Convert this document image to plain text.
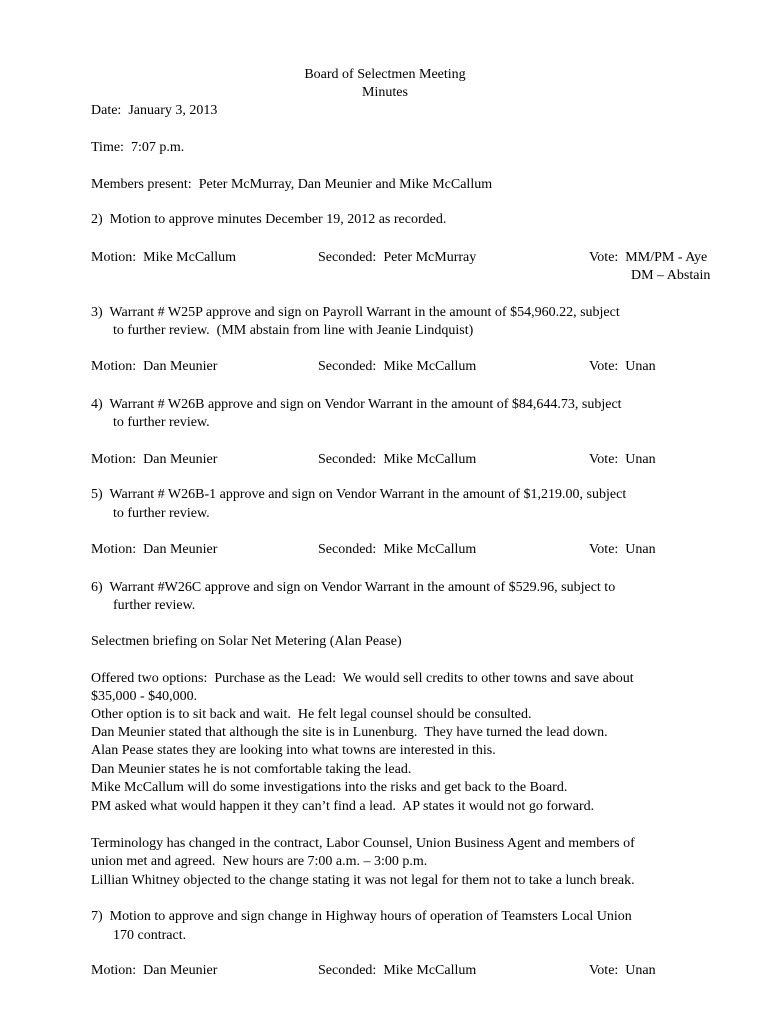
Board of Selectmen Meeting
Minutes
Date:  January 3, 2013
Time:  7:07 p.m.
Members present:  Peter McMurray, Dan Meunier and Mike McCallum
2)  Motion to approve minutes December 19, 2012 as recorded.
Motion:  Mike McCallum	Seconded:  Peter McMurray	Vote:  MM/PM - Aye
DM – Abstain
3)  Warrant # W25P approve and sign on Payroll Warrant in the amount of $54,960.22, subject
to further review.  (MM abstain from line with Jeanie Lindquist)
Motion:  Dan Meunier	Seconded:  Mike McCallum	Vote:  Unan
4)  Warrant # W26B approve and sign on Vendor Warrant in the amount of $84,644.73, subject
to further review.
Motion:  Dan Meunier	Seconded:  Mike McCallum	Vote:  Unan
5)  Warrant # W26B-1 approve and sign on Vendor Warrant in the amount of $1,219.00, subject
to further review.
Motion:  Dan Meunier	Seconded:  Mike McCallum	Vote:  Unan
6)  Warrant #W26C approve and sign on Vendor Warrant in the amount of $529.96, subject to
further review.
Selectmen briefing on Solar Net Metering (Alan Pease)
Offered two options:  Purchase as the Lead:  We would sell credits to other towns and save about
$35,000 - $40,000.
Other option is to sit back and wait.  He felt legal counsel should be consulted.
Dan Meunier stated that although the site is in Lunenburg.  They have turned the lead down.
Alan Pease states they are looking into what towns are interested in this.
Dan Meunier states he is not comfortable taking the lead.
Mike McCallum will do some investigations into the risks and get back to the Board.
PM asked what would happen it they can’t find a lead.  AP states it would not go forward.
Terminology has changed in the contract, Labor Counsel, Union Business Agent and members of
union met and agreed.  New hours are 7:00 a.m. – 3:00 p.m.
Lillian Whitney objected to the change stating it was not legal for them not to take a lunch break.
7)  Motion to approve and sign change in Highway hours of operation of Teamsters Local Union
170 contract.
Motion:  Dan Meunier	Seconded:  Mike McCallum	Vote:  Unan
